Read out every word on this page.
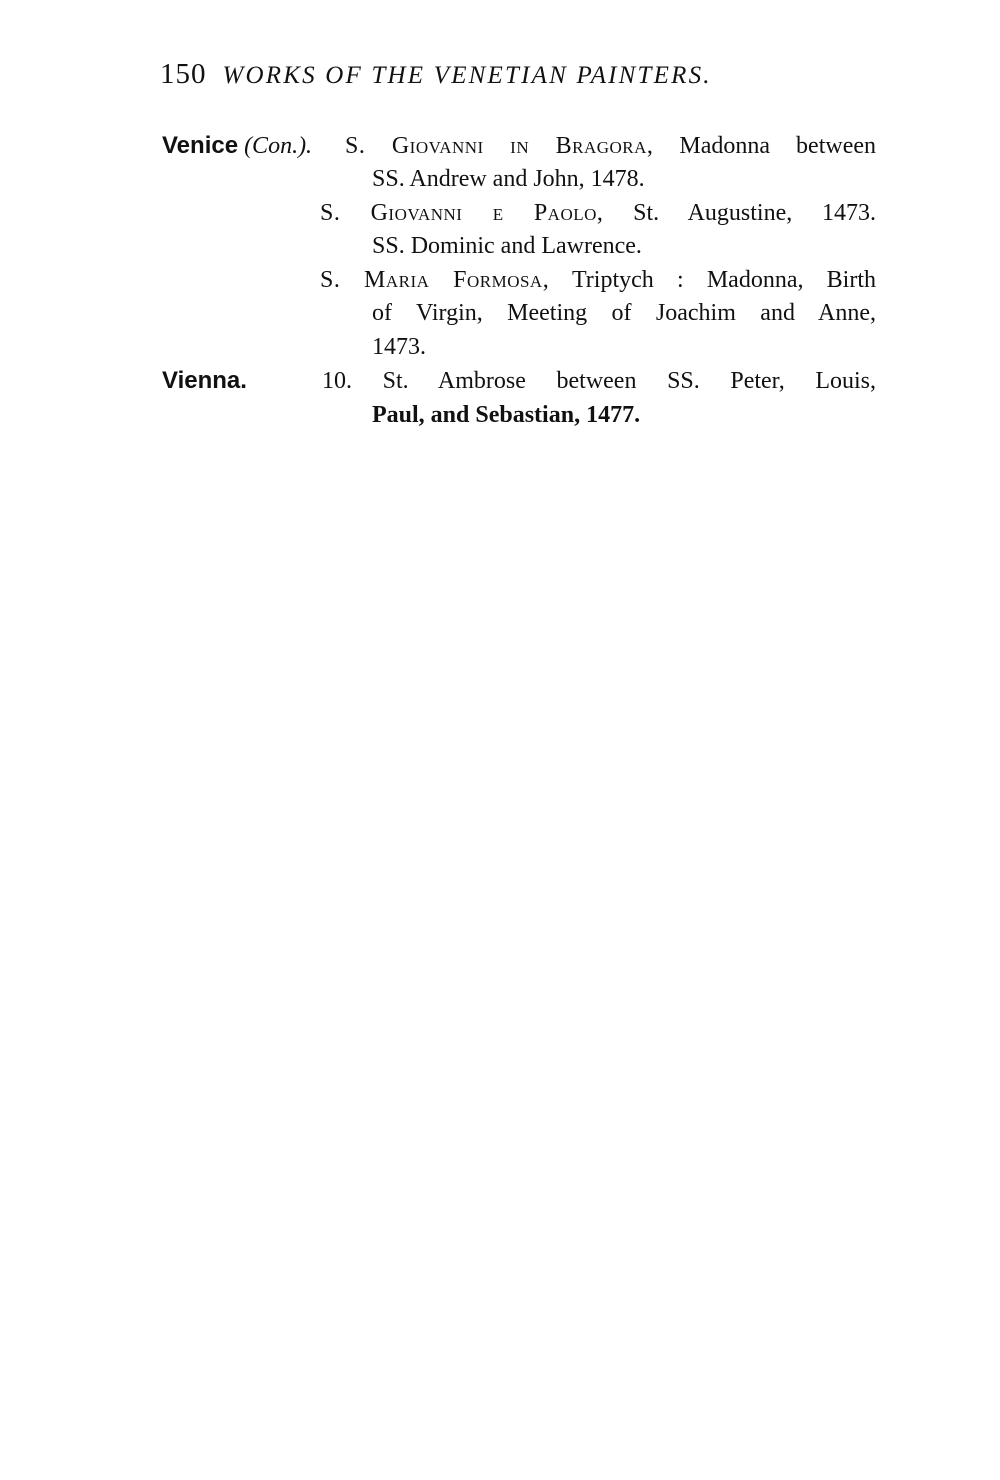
150 WORKS OF THE VENETIAN PAINTERS.
Venice (Con.). S. Giovanni in Bragora, Madonna between
SS. Andrew and John, 1478.
S. Giovanni e Paolo, St. Augustine, 1473.
SS. Dominic and Lawrence.
S. Maria Formosa, Triptych : Madonna, Birth
of Virgin, Meeting of Joachim and Anne,
1473.
Vienna.	10. St. Ambrose between SS. Peter, Louis,
Paul, and Sebastian, 1477.
